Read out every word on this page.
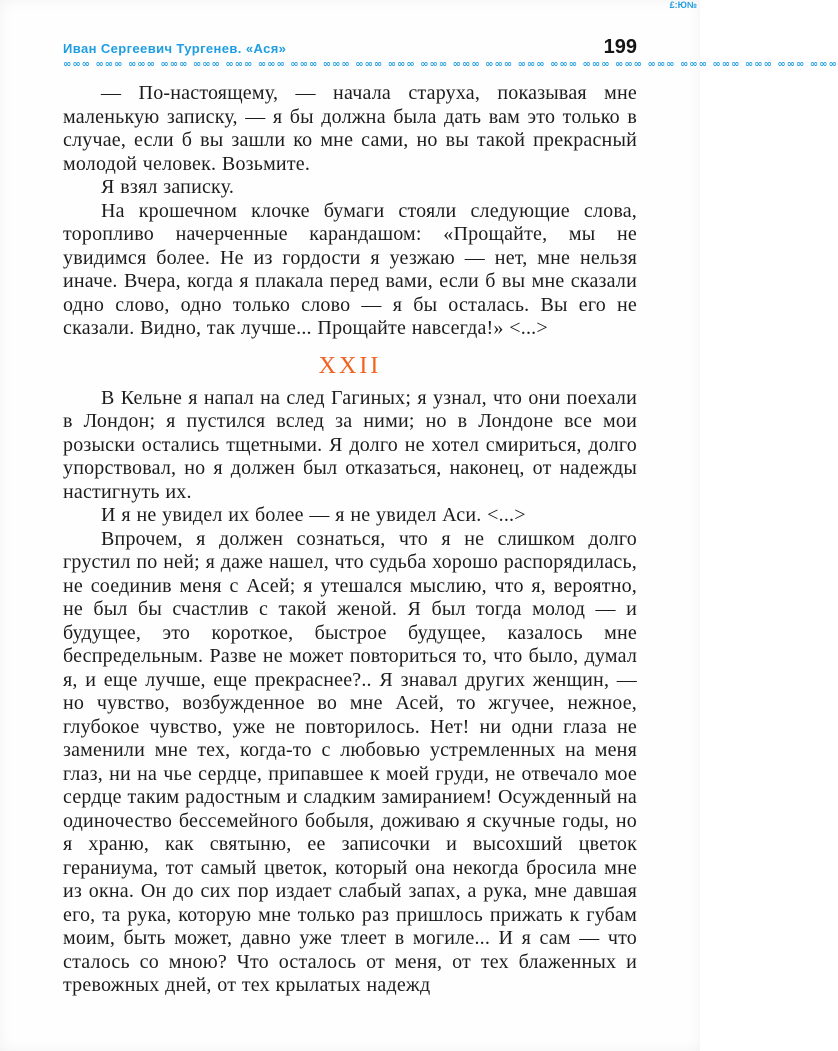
£:Ю№
Иван Сергеевич Тургенев. «Ася»	199
∞∞∞ ∞∞∞ ∞∞∞ ∞∞∞ ∞∞∞ ∞∞∞ ∞∞∞ ∞∞∞ ∞∞∞ ∞∞∞ ∞∞∞ ∞∞∞ ∞∞∞ ∞∞∞ ∞∞∞ ∞∞∞ ∞∞∞ ∞∞∞ ∞∞∞ ∞∞∞ ∞∞∞ ∞∞∞ ∞∞∞ ∞∞∞

— По-настоящему, — начала старуха, показывая мне маленькую записку, — я бы должна была дать вам это только в случае, если б вы зашли ко мне сами, но вы такой прекрасный молодой человек. Возьмите.

Я взял записку.

На крошечном клочке бумаги стояли следующие слова, торопливо начерченные карандашом: «Прощайте, мы не увидимся более. Не из гордости я уезжаю — нет, мне нельзя иначе. Вчера, когда я плакала перед вами, если б вы мне сказали одно слово, одно только слово — я бы осталась. Вы его не сказали. Видно, так лучше... Прощайте навсегда!» <...>

XXII

В Кельне я напал на след Гагиных; я узнал, что они поехали в Лондон; я пустился вслед за ними; но в Лондоне все мои розыски остались тщетными. Я долго не хотел смириться, долго упорствовал, но я должен был отказаться, наконец, от надежды настигнуть их.

И я не увидел их более — я не увидел Аси. <...>

Впрочем, я должен сознаться, что я не слишком долго грустил по ней; я даже нашел, что судьба хорошо распорядилась, не соединив меня с Асей; я утешался мыслию, что я, вероятно, не был бы счастлив с такой женой. Я был тогда молод — и будущее, это короткое, быстрое будущее, казалось мне беспредельным. Разве не может повториться то, что было, думал я, и еще лучше, еще прекраснее?.. Я знавал других женщин, — но чувство, возбужденное во мне Асей, то жгучее, нежное, глубокое чувство, уже не повторилось. Нет! ни одни глаза не заменили мне тех, когда-то с любовью устремленных на меня глаз, ни на чье сердце, припавшее к моей груди, не отвечало мое сердце таким радостным и сладким замиранием! Осужденный на одиночество бессемейного бобыля, доживаю я скучные годы, но я храню, как святыню, ее записочки и высохший цветок гераниума, тот самый цветок, который она некогда бросила мне из окна. Он до сих пор издает слабый запах, а рука, мне давшая его, та рука, которую мне только раз пришлось прижать к губам моим, быть может, давно уже тлеет в могиле... И я сам — что сталось со мною? Что осталось от меня, от тех блаженных и тревожных дней, от тех крылатых надежд
